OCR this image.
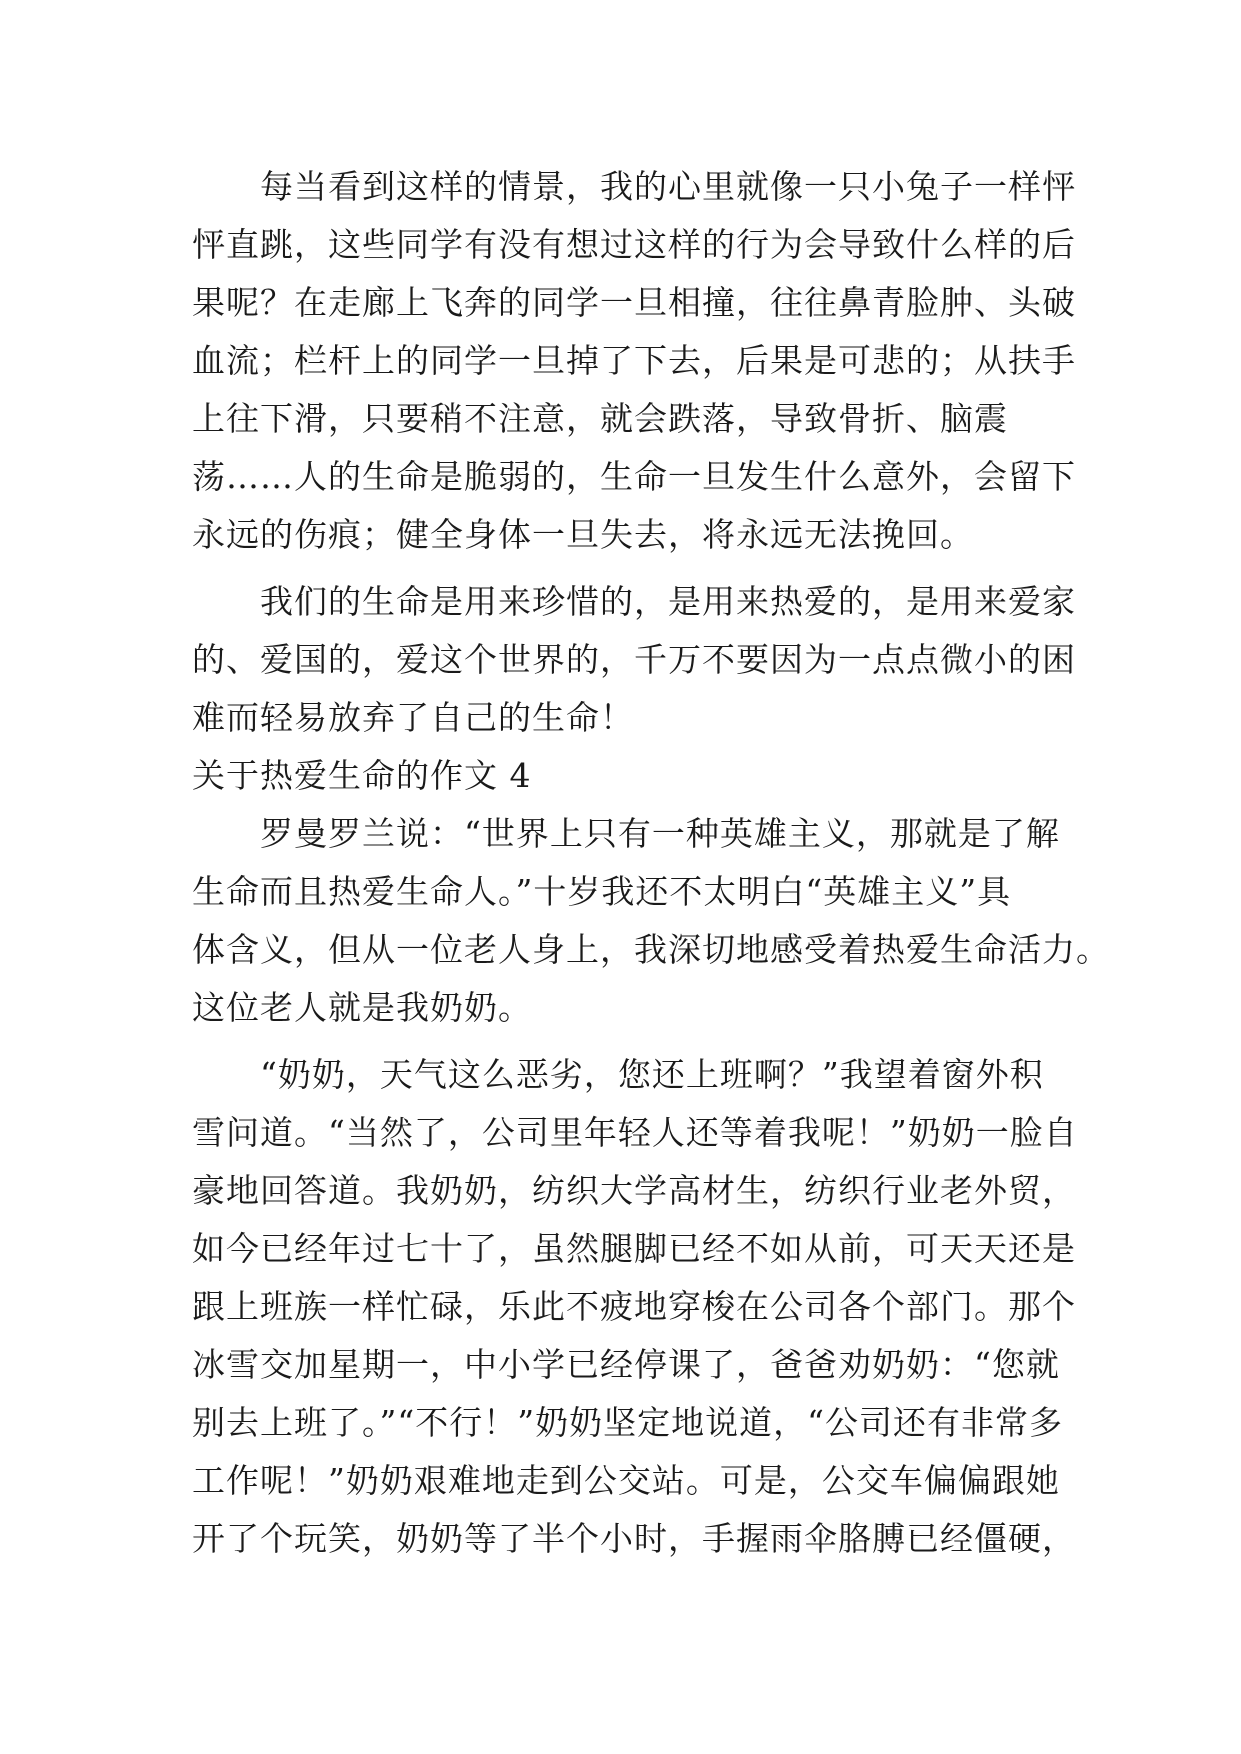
　　每当看到这样的情景，我的心里就像一只小兔子一样怦
怦直跳，这些同学有没有想过这样的行为会导致什么样的后
果呢？在走廊上飞奔的同学一旦相撞，往往鼻青脸肿、头破
血流；栏杆上的同学一旦掉了下去，后果是可悲的；从扶手
上往下滑，只要稍不注意，就会跌落，导致骨折、脑震
荡……人的生命是脆弱的，生命一旦发生什么意外，会留下
永远的伤痕；健全身体一旦失去，将永远无法挽回。
　　我们的生命是用来珍惜的，是用来热爱的，是用来爱家
的、爱国的，爱这个世界的，千万不要因为一点点微小的困
难而轻易放弃了自己的生命！
关于热爱生命的作文 4
　　罗曼罗兰说：“世界上只有一种英雄主义，那就是了解
生命而且热爱生命人。”十岁我还不太明白“英雄主义”具
体含义，但从一位老人身上，我深切地感受着热爱生命活力。
这位老人就是我奶奶。
　　“奶奶，天气这么恶劣，您还上班啊？”我望着窗外积
雪问道。“当然了，公司里年轻人还等着我呢！”奶奶一脸自
豪地回答道。我奶奶，纺织大学高材生，纺织行业老外贸，
如今已经年过七十了，虽然腿脚已经不如从前，可天天还是
跟上班族一样忙碌，乐此不疲地穿梭在公司各个部门。那个
冰雪交加星期一，中小学已经停课了，爸爸劝奶奶：“您就
别去上班了。”“不行！”奶奶坚定地说道，“公司还有非常多
工作呢！”奶奶艰难地走到公交站。可是，公交车偏偏跟她
开了个玩笑，奶奶等了半个小时，手握雨伞胳膊已经僵硬，
